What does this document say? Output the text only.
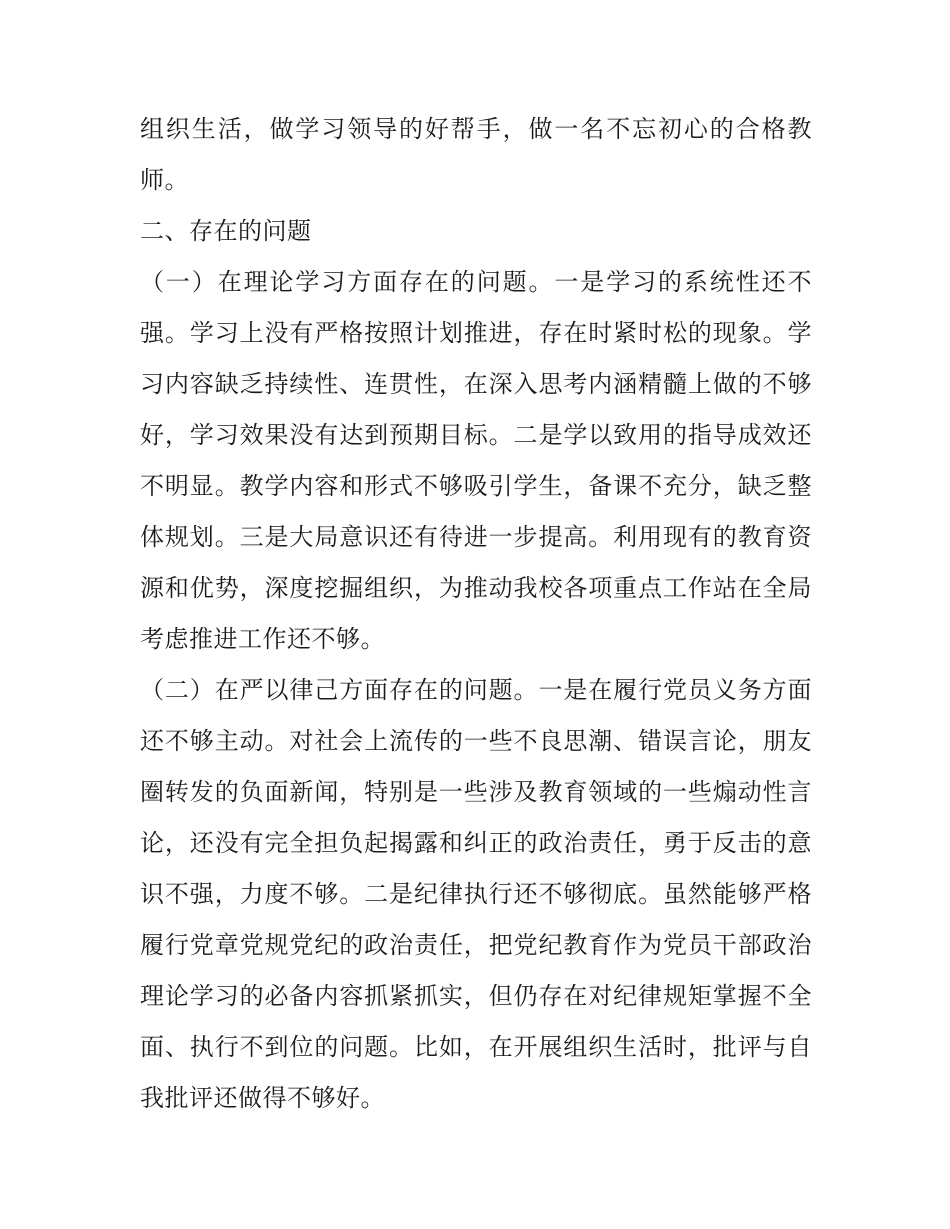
组织生活，做学习领导的好帮手，做一名不忘初心的合格教
师。

二、存在的问题

（一）在理论学习方面存在的问题。一是学习的系统性还不
强。学习上没有严格按照计划推进，存在时紧时松的现象。学
习内容缺乏持续性、连贯性，在深入思考内涵精髓上做的不够
好，学习效果没有达到预期目标。二是学以致用的指导成效还
不明显。教学内容和形式不够吸引学生，备课不充分，缺乏整
体规划。三是大局意识还有待进一步提高。利用现有的教育资
源和优势，深度挖掘组织，为推动我校各项重点工作站在全局
考虑推进工作还不够。

（二）在严以律己方面存在的问题。一是在履行党员义务方面
还不够主动。对社会上流传的一些不良思潮、错误言论，朋友
圈转发的负面新闻，特别是一些涉及教育领域的一些煽动性言
论，还没有完全担负起揭露和纠正的政治责任，勇于反击的意
识不强，力度不够。二是纪律执行还不够彻底。虽然能够严格
履行党章党规党纪的政治责任，把党纪教育作为党员干部政治
理论学习的必备内容抓紧抓实，但仍存在对纪律规矩掌握不全
面、执行不到位的问题。比如，在开展组织生活时，批评与自
我批评还做得不够好。
